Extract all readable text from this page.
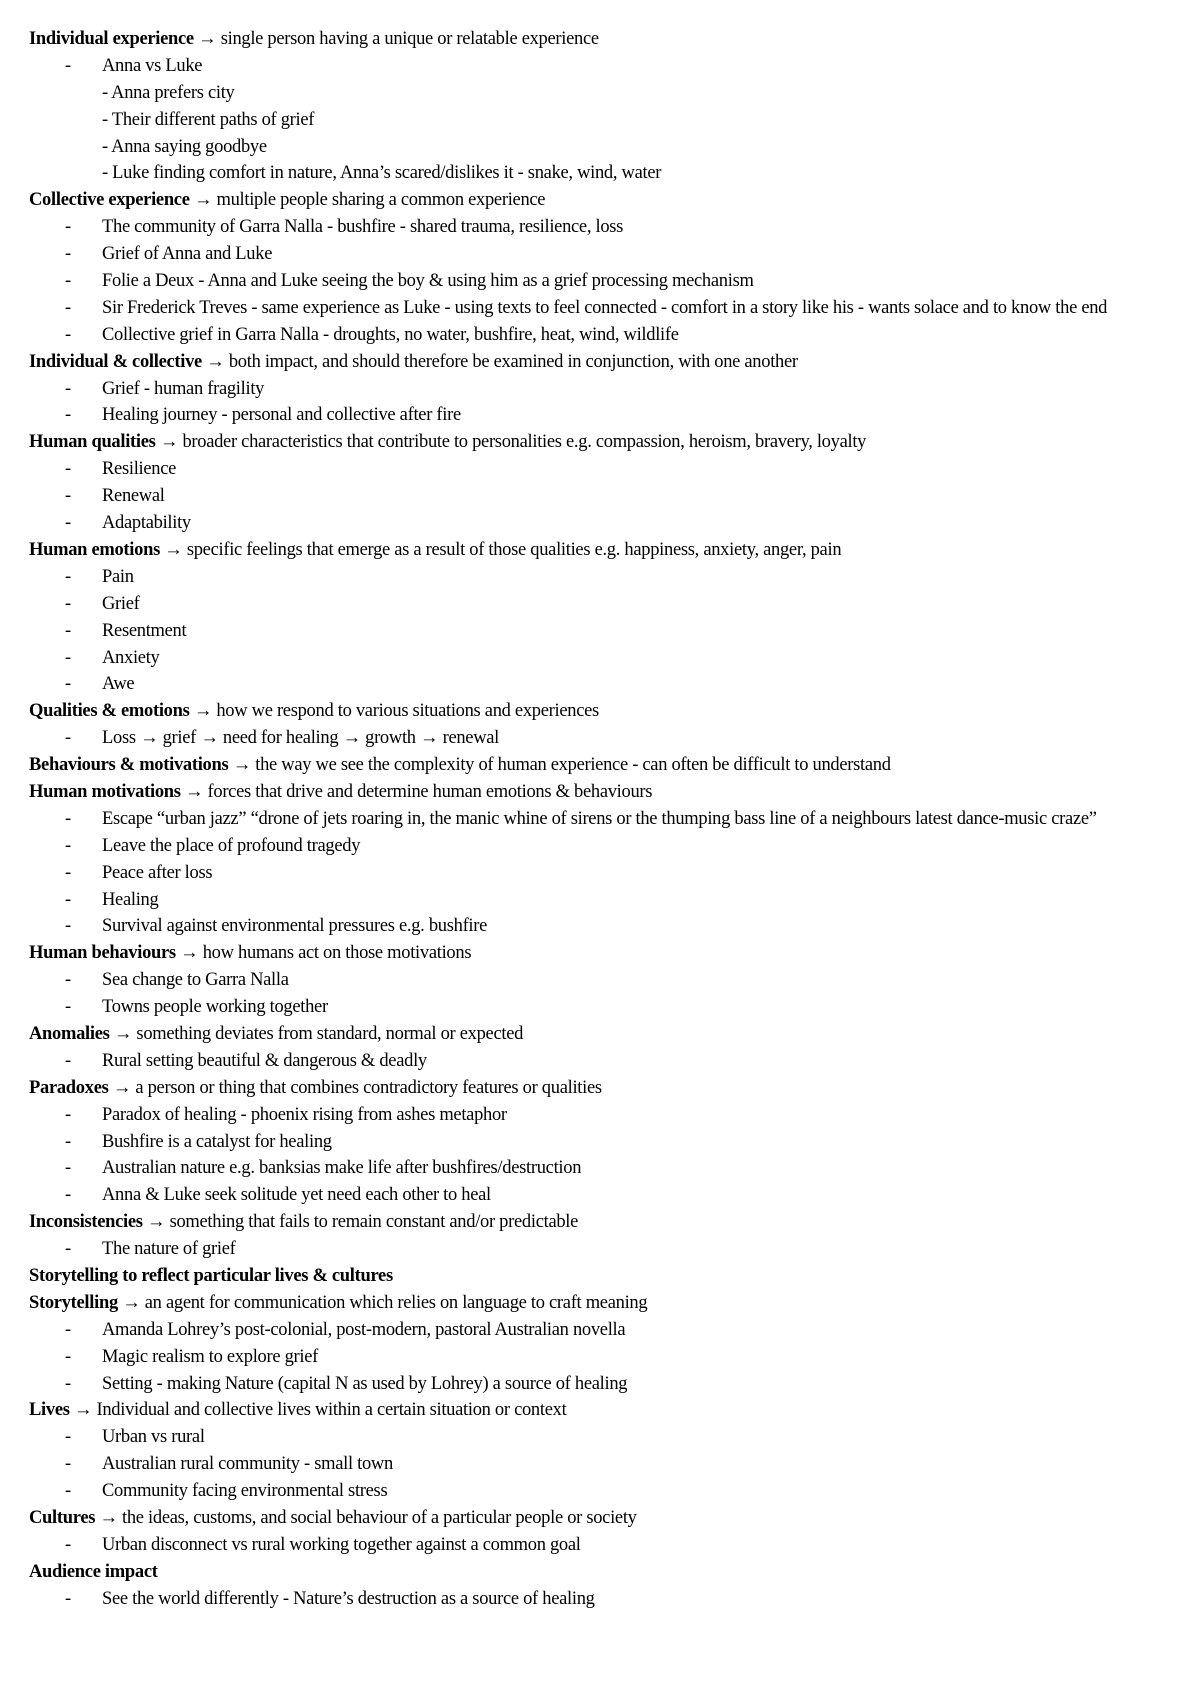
Individual experience → single person having a unique or relatable experience
- Anna vs Luke
- Anna prefers city
- Their different paths of grief
- Anna saying goodbye
- Luke finding comfort in nature, Anna’s scared/dislikes it - snake, wind, water
Collective experience → multiple people sharing a common experience
- The community of Garra Nalla - bushfire - shared trauma, resilience, loss
- Grief of Anna and Luke
- Folie a Deux - Anna and Luke seeing the boy & using him as a grief processing mechanism
- Sir Frederick Treves - same experience as Luke - using texts to feel connected - comfort in a story like his - wants solace and to know the end
- Collective grief in Garra Nalla - droughts, no water, bushfire, heat, wind, wildlife
Individual & collective → both impact, and should therefore be examined in conjunction, with one another
- Grief - human fragility
- Healing journey - personal and collective after fire
Human qualities → broader characteristics that contribute to personalities e.g. compassion, heroism, bravery, loyalty
- Resilience
- Renewal
- Adaptability
Human emotions → specific feelings that emerge as a result of those qualities e.g. happiness, anxiety, anger, pain
- Pain
- Grief
- Resentment
- Anxiety
- Awe
Qualities & emotions → how we respond to various situations and experiences
- Loss → grief → need for healing → growth → renewal
Behaviours & motivations → the way we see the complexity of human experience - can often be difficult to understand
Human motivations → forces that drive and determine human emotions & behaviours
- Escape “urban jazz” “drone of jets roaring in, the manic whine of sirens or the thumping bass line of a neighbours latest dance-music craze”
- Leave the place of profound tragedy
- Peace after loss
- Healing
- Survival against environmental pressures e.g. bushfire
Human behaviours → how humans act on those motivations
- Sea change to Garra Nalla
- Towns people working together
Anomalies → something deviates from standard, normal or expected
- Rural setting beautiful & dangerous & deadly
Paradoxes → a person or thing that combines contradictory features or qualities
- Paradox of healing - phoenix rising from ashes metaphor
- Bushfire is a catalyst for healing
- Australian nature e.g. banksias make life after bushfires/destruction
- Anna & Luke seek solitude yet need each other to heal
Inconsistencies → something that fails to remain constant and/or predictable
- The nature of grief
Storytelling to reflect particular lives & cultures
Storytelling → an agent for communication which relies on language to craft meaning
- Amanda Lohrey’s post-colonial, post-modern, pastoral Australian novella
- Magic realism to explore grief
- Setting - making Nature (capital N as used by Lohrey) a source of healing
Lives → Individual and collective lives within a certain situation or context
- Urban vs rural
- Australian rural community - small town
- Community facing environmental stress
Cultures → the ideas, customs, and social behaviour of a particular people or society
- Urban disconnect vs rural working together against a common goal
Audience impact
- See the world differently - Nature’s destruction as a source of healing
